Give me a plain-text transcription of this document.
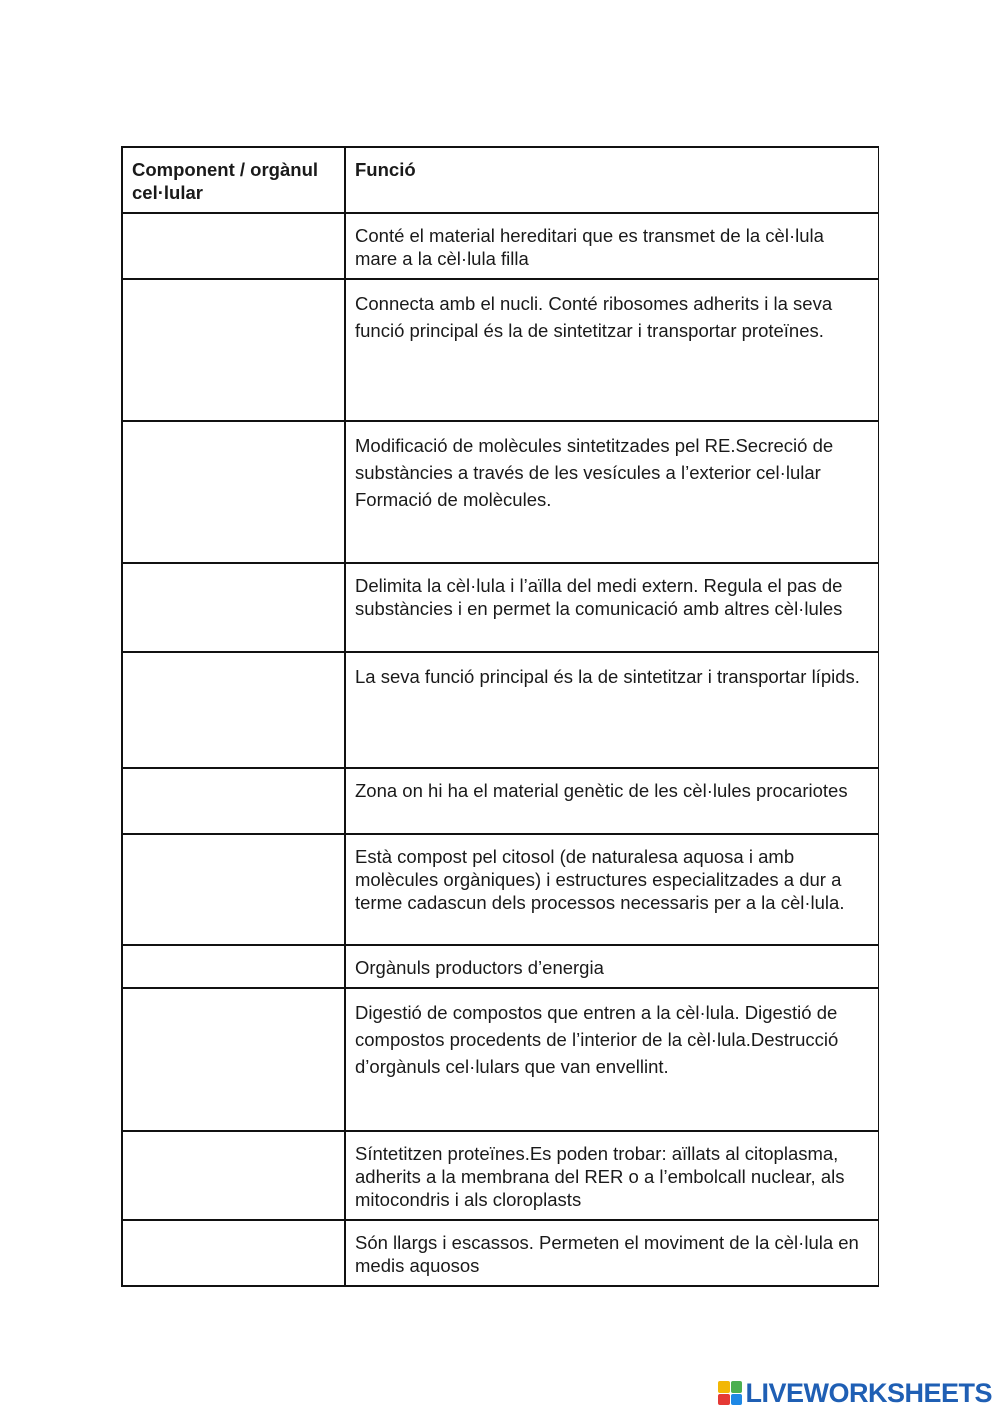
Component / orgànul cel·lular	Funció
	Conté el material hereditari que es transmet de la cèl·lula mare a la cèl·lula filla
	Connecta amb el nucli. Conté ribosomes adherits i la seva funció principal és la de sintetitzar i transportar proteïnes.
	Modificació de molècules sintetitzades pel RE.Secreció de substàncies a través de les vesícules a l’exterior cel·lular Formació de molècules.
	Delimita la cèl·lula i l’aïlla del medi extern. Regula el pas de substàncies i en permet la comunicació amb altres cèl·lules
	La seva funció principal és la de sintetitzar i transportar lípids.
	Zona on hi ha el material genètic de les cèl·lules procariotes
	Està compost pel citosol (de naturalesa aquosa i amb molècules orgàniques) i estructures especialitzades a dur a terme cadascun dels processos necessaris per a la cèl·lula.
	Orgànuls productors d’energia
	Digestió de compostos que entren a la cèl·lula. Digestió de compostos procedents de l’interior de la cèl·lula.Destrucció d’orgànuls cel·lulars que van envellint.
	Síntetitzen proteïnes.Es poden trobar: aïllats al citoplasma, adherits a la membrana del RER o a l’embolcall nuclear, als mitocondris i als cloroplasts
	Són llargs i escassos. Permeten el moviment de la cèl·lula en medis aquosos
LIVEWORKSHEETS
